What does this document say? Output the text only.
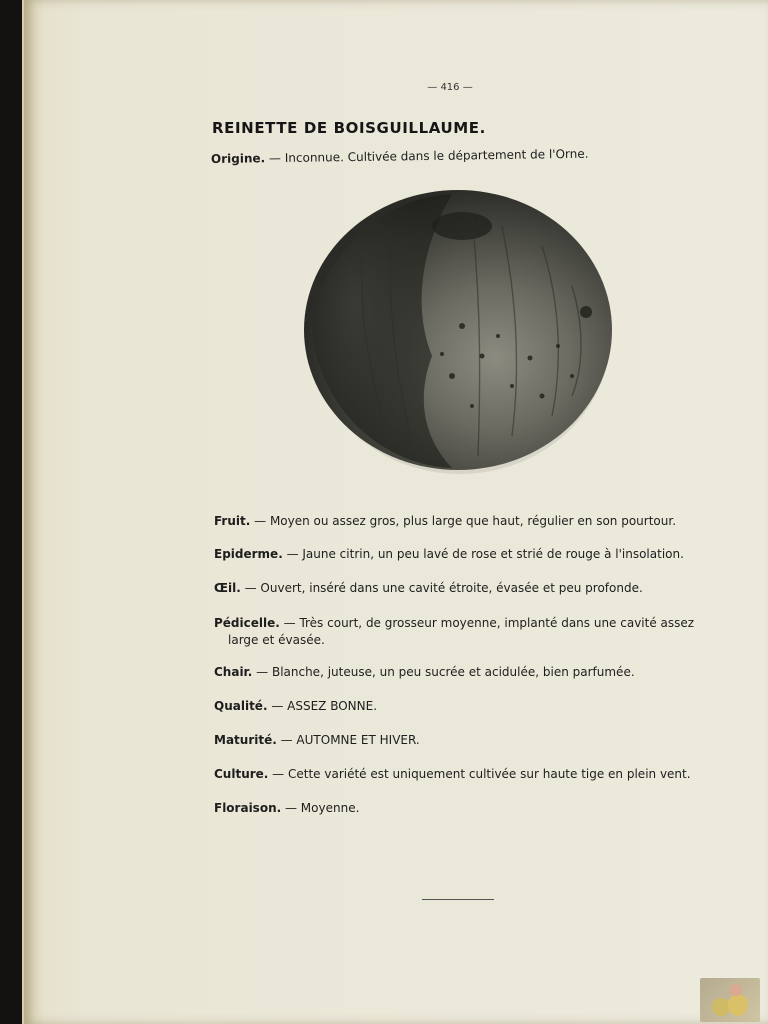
— 416 —
REINETTE DE BOISGUILLAUME.
Origine. — Inconnue. Cultivée dans le département de l'Orne.
Fruit. — Moyen ou assez gros, plus large que haut, régulier en son pourtour.
Epiderme. — Jaune citrin, un peu lavé de rose et strié de rouge à l'insolation.
Œil. — Ouvert, inséré dans une cavité étroite, évasée et peu profonde.
Pédicelle. — Très court, de grosseur moyenne, implanté dans une cavité assez
large et évasée.
Chair. — Blanche, juteuse, un peu sucrée et acidulée, bien parfumée.
Qualité. — ASSEZ BONNE.
Maturité. — AUTOMNE ET HIVER.
Culture. — Cette variété est uniquement cultivée sur haute tige en plein vent.
Floraison. — Moyenne.
